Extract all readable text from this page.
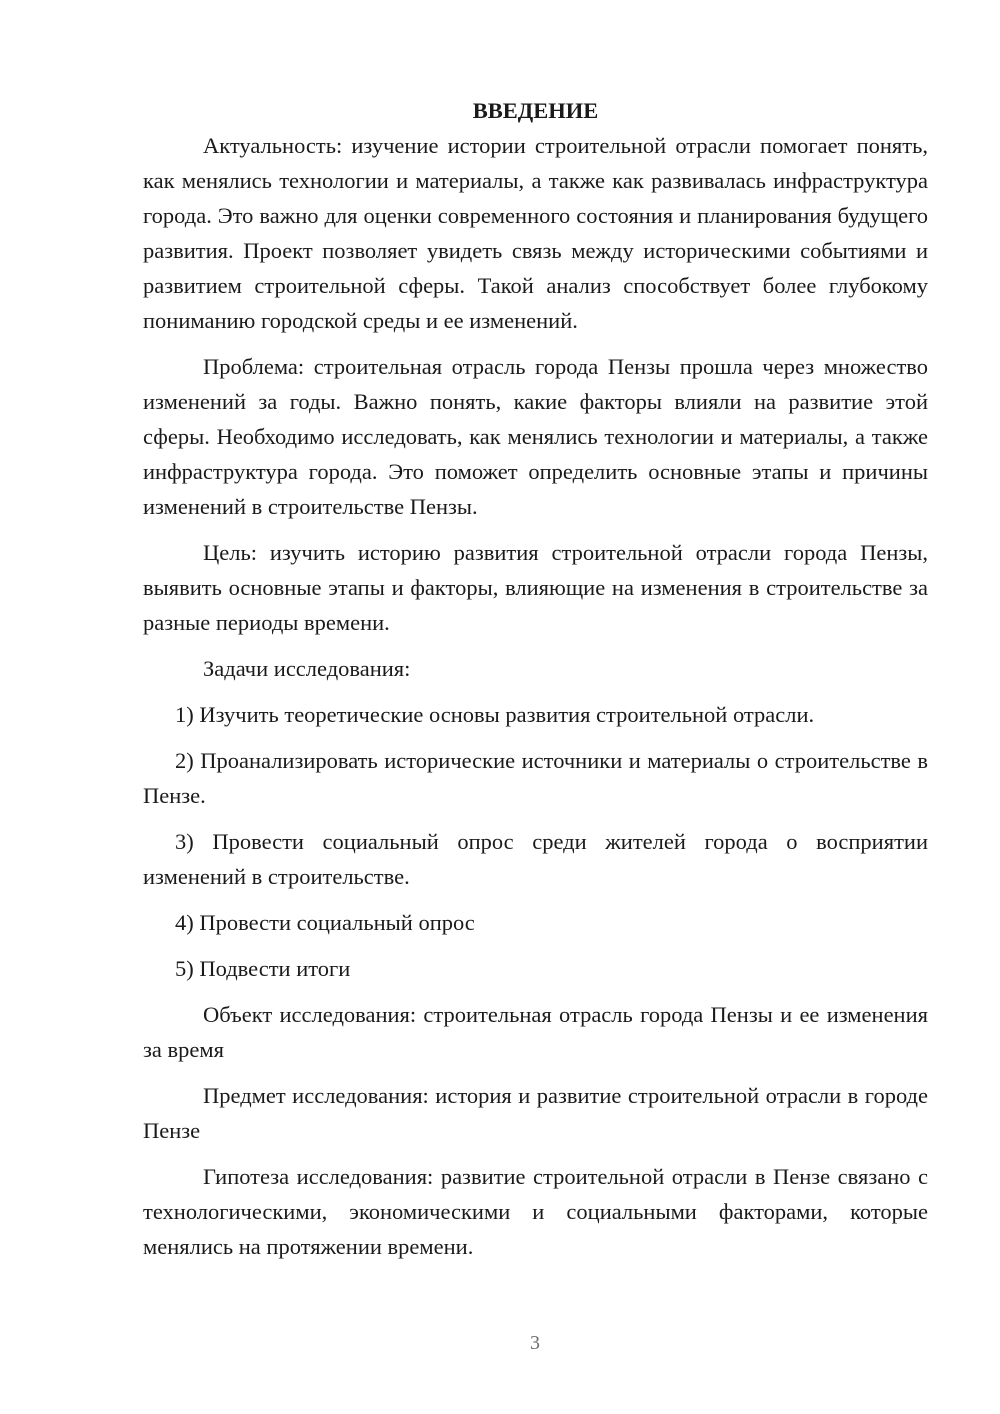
ВВЕДЕНИЕ

Актуальность: изучение истории строительной отрасли помогает понять, как менялись технологии и материалы, а также как развивалась инфраструктура города. Это важно для оценки современного состояния и планирования будущего развития. Проект позволяет увидеть связь между историческими событиями и развитием строительной сферы. Такой анализ способствует более глубокому пониманию городской среды и ее изменений.

Проблема: строительная отрасль города Пензы прошла через множество изменений за годы. Важно понять, какие факторы влияли на развитие этой сферы. Необходимо исследовать, как менялись технологии и материалы, а также инфраструктура города. Это поможет определить основные этапы и причины изменений в строительстве Пензы.

Цель: изучить историю развития строительной отрасли города Пензы, выявить основные этапы и факторы, влияющие на изменения в строительстве за разные периоды времени.

Задачи исследования:

1) Изучить теоретические основы развития строительной отрасли.

2) Проанализировать исторические источники и материалы о строительстве в Пензе.

3) Провести социальный опрос среди жителей города о восприятии изменений в строительстве.

4) Провести социальный опрос

5) Подвести итоги

Объект исследования: строительная отрасль города Пензы и ее изменения за время

Предмет исследования: история и развитие строительной отрасли в городе Пензе

Гипотеза исследования: развитие строительной отрасли в Пензе связано с технологическими, экономическими и социальными факторами, которые менялись на протяжении времени.

3
